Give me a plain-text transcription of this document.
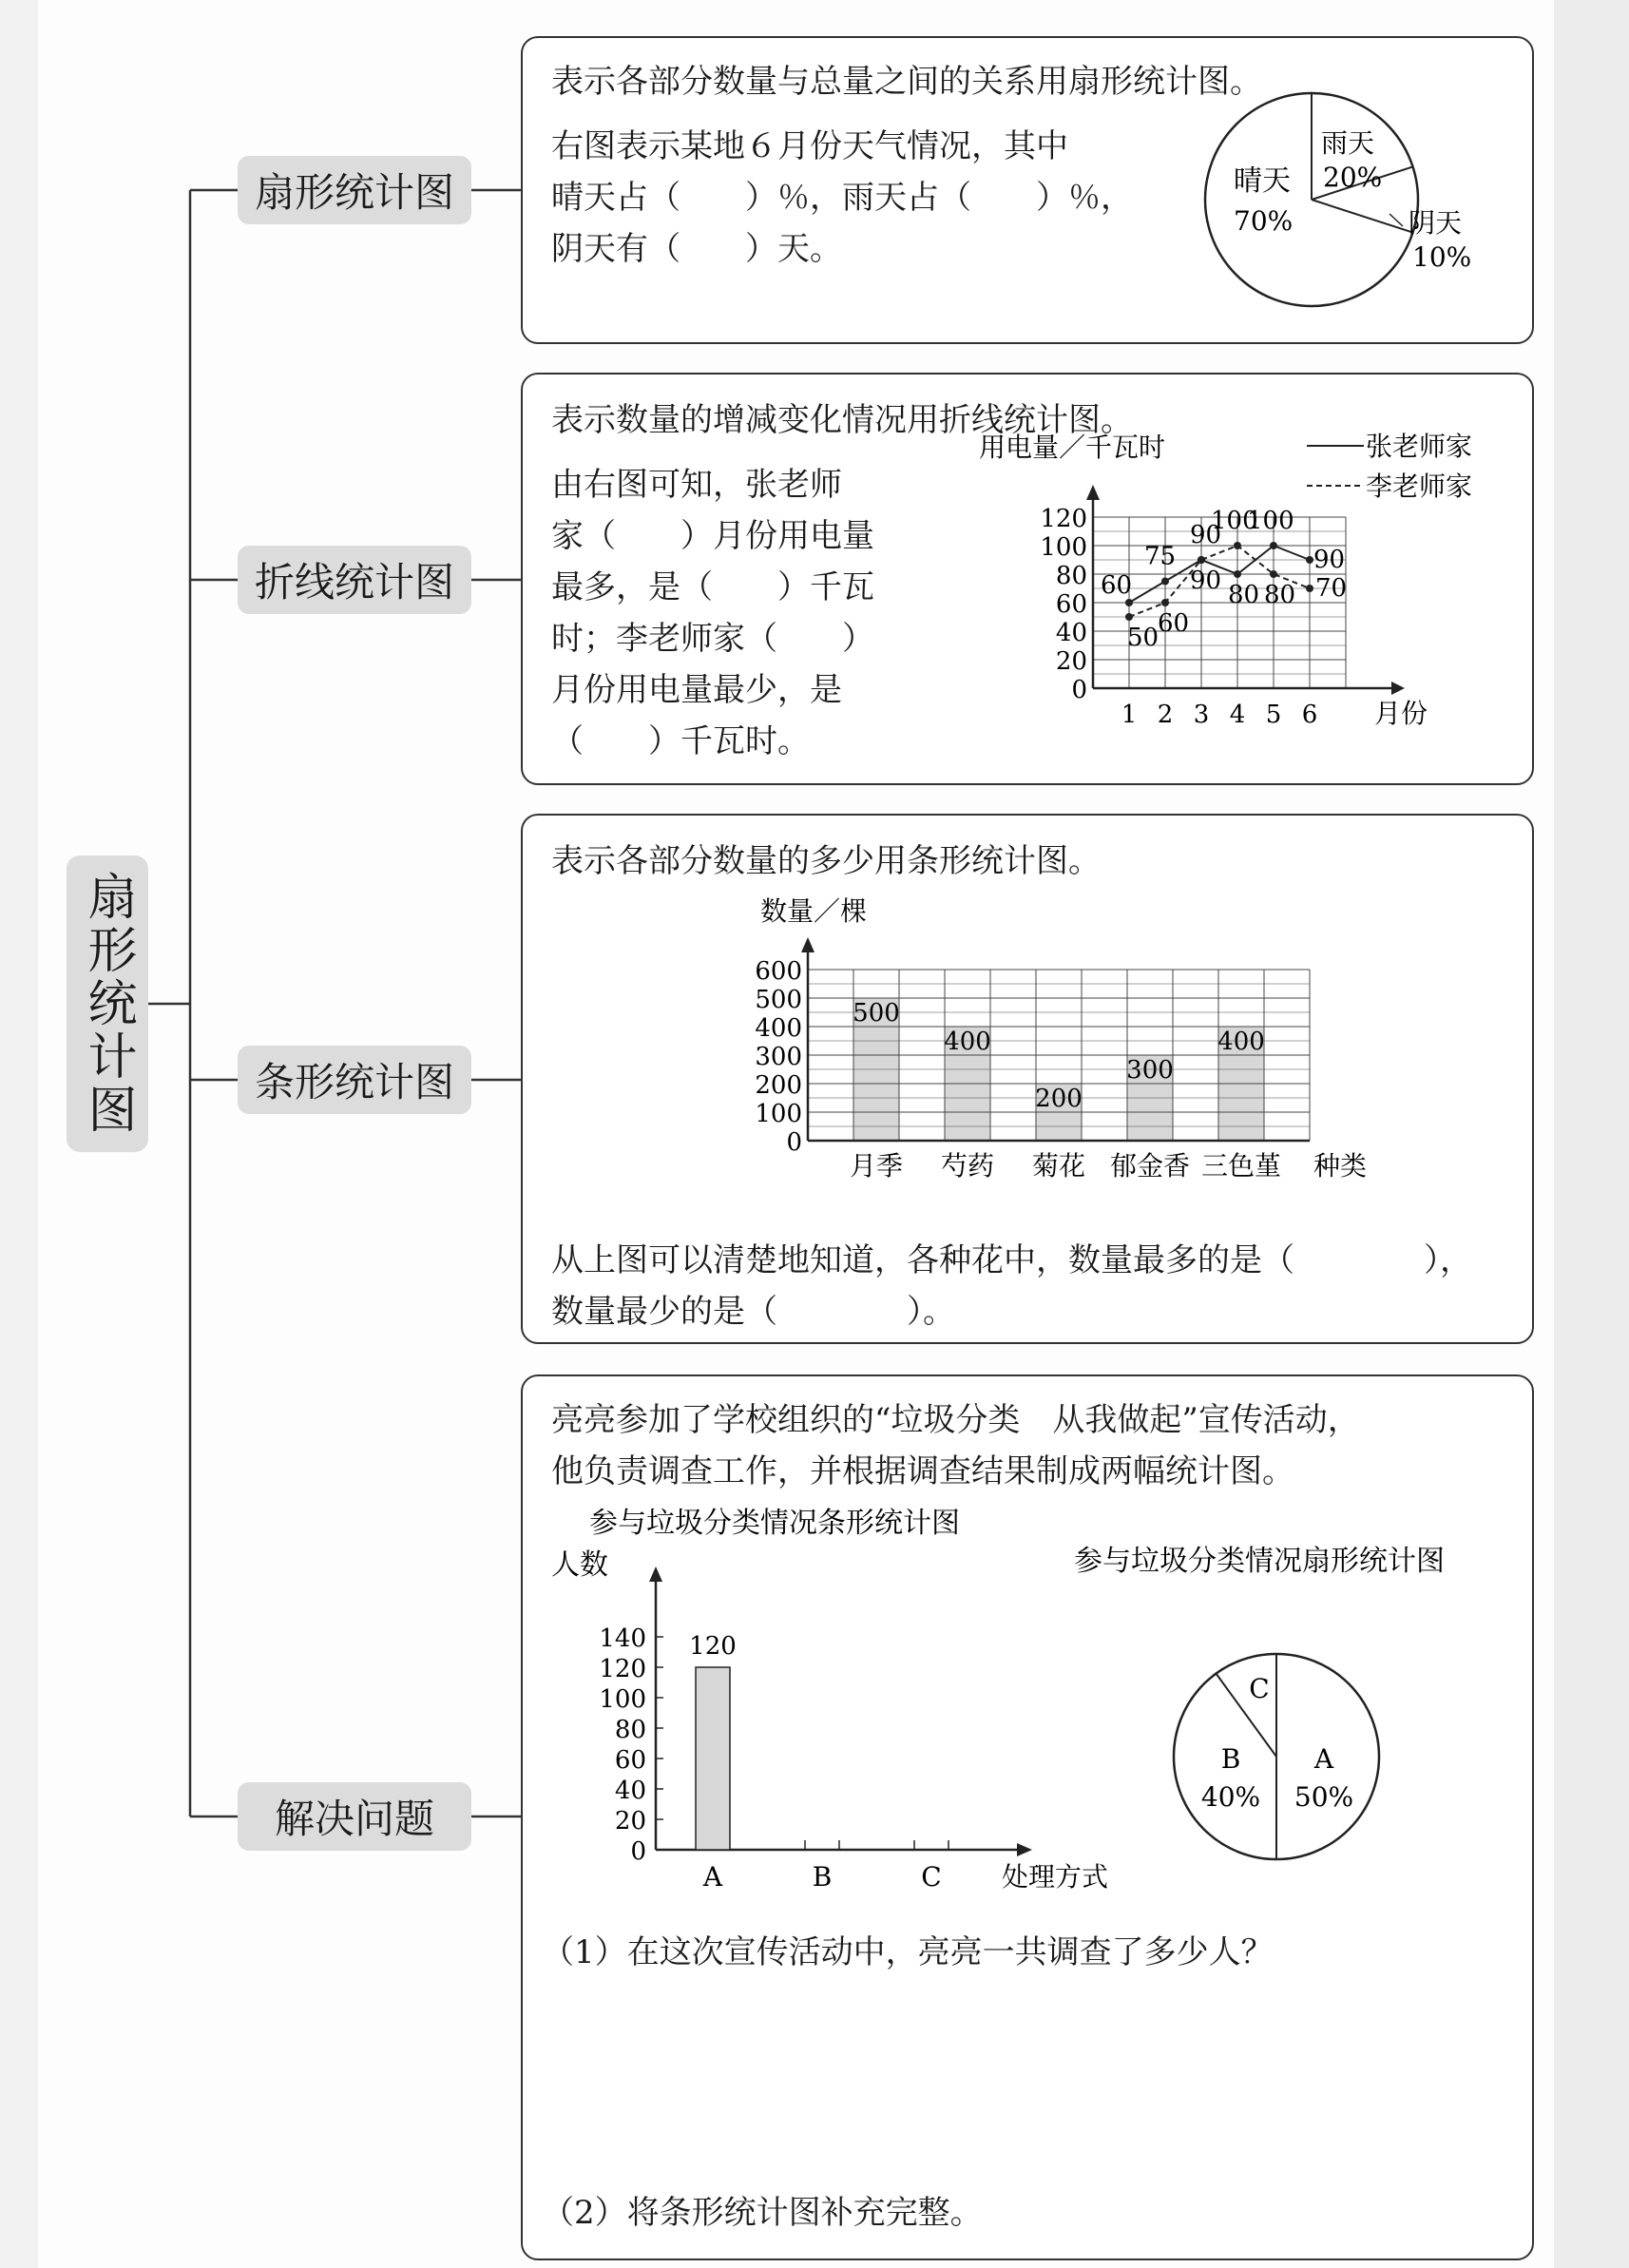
扇形统计图
扇形统计图
折线统计图
条形统计图
解决问题
表示各部分数量与总量之间的关系用扇形统计图。
右图表示某地６月份天气情况，其中
晴天占（　　）％，雨天占（　　）％，
阴天有（　　）天。
晴天
70%
雨天
20%
阴天
10%
表示数量的增减变化情况用折线统计图。
由右图可知，张老师
家（　　）月份用电量
最多，是（　　）千瓦
时；李老师家（　　）
月份用电量最少，是
（　　）千瓦时。
0
20
40
60
80
100
120
1 2 3 4 5 6 月份
用电量／千瓦时	张老师家
李老师家
60
75
90
80
100
90
50
60
90
100
80 70
表示各部分数量的多少用条形统计图。
数量／棵
500
月季
400
芍药
200
菊花
300
郁金香
400
三色堇
0
100
200
300
400
500
600
种类
从上图可以清楚地知道，各种花中，数量最多的是（　　　　），
数量最少的是（　　　　）。
亮亮参加了学校组织的“垃圾分类　从我做起”宣传活动，
他负责调查工作，并根据调查结果制成两幅统计图。
参与垃圾分类情况条形统计图
人数
0
20
40
60
80
100
120
140 120
A	B	C 处理方式
参与垃圾分类情况扇形统计图
A
50%
B
40%
C
（1）在这次宣传活动中，亮亮一共调查了多少人？
（2）将条形统计图补充完整。
